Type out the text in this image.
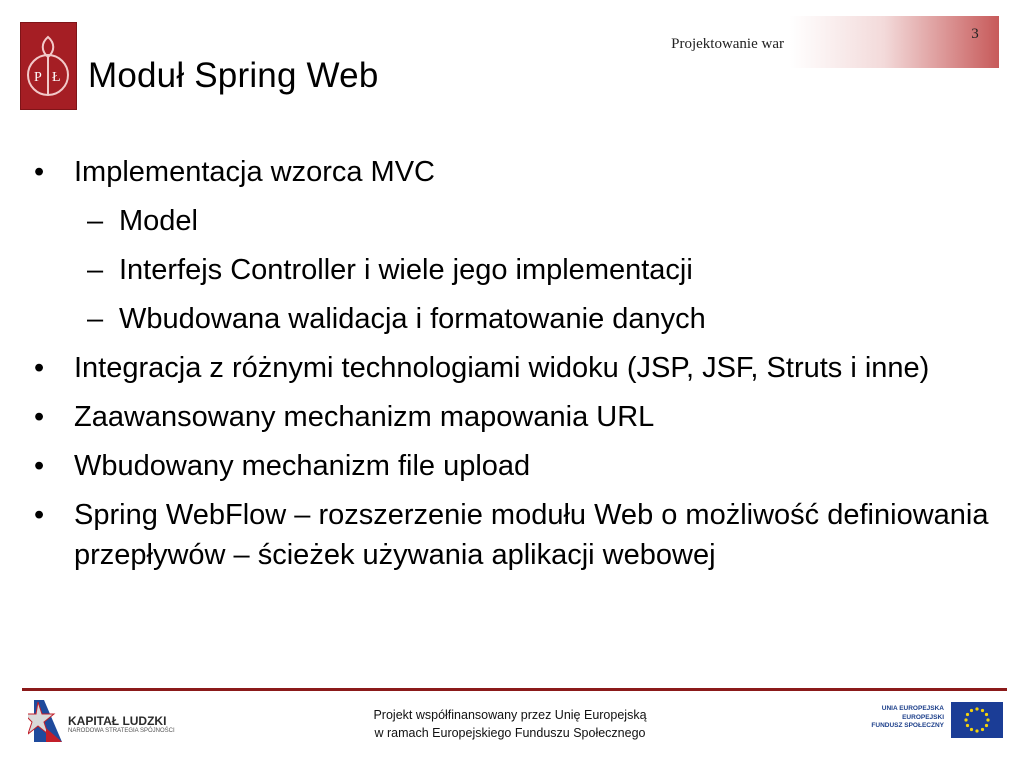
P Ł
Projektowanie war
3
Moduł Spring Web
• Implementacja wzorca MVC
– Model
– Interfejs Controller i wiele jego implementacji
– Wbudowana walidacja i formatowanie danych
• Integracja z różnymi technologiami widoku (JSP, JSF, Struts i inne)
• Zaawansowany mechanizm mapowania URL
• Wbudowany mechanizm file upload
• Spring WebFlow – rozszerzenie modułu Web o możliwość definiowania przepływów – ścieżek używania aplikacji webowej
KAPITAŁ LUDZKI
NARODOWA STRATEGIA SPÓJNOŚCI
Projekt współfinansowany przez Unię Europejską
w ramach Europejskiego Funduszu Społecznego
UNIA EUROPEJSKA
EUROPEJSKI
FUNDUSZ SPOŁECZNY
